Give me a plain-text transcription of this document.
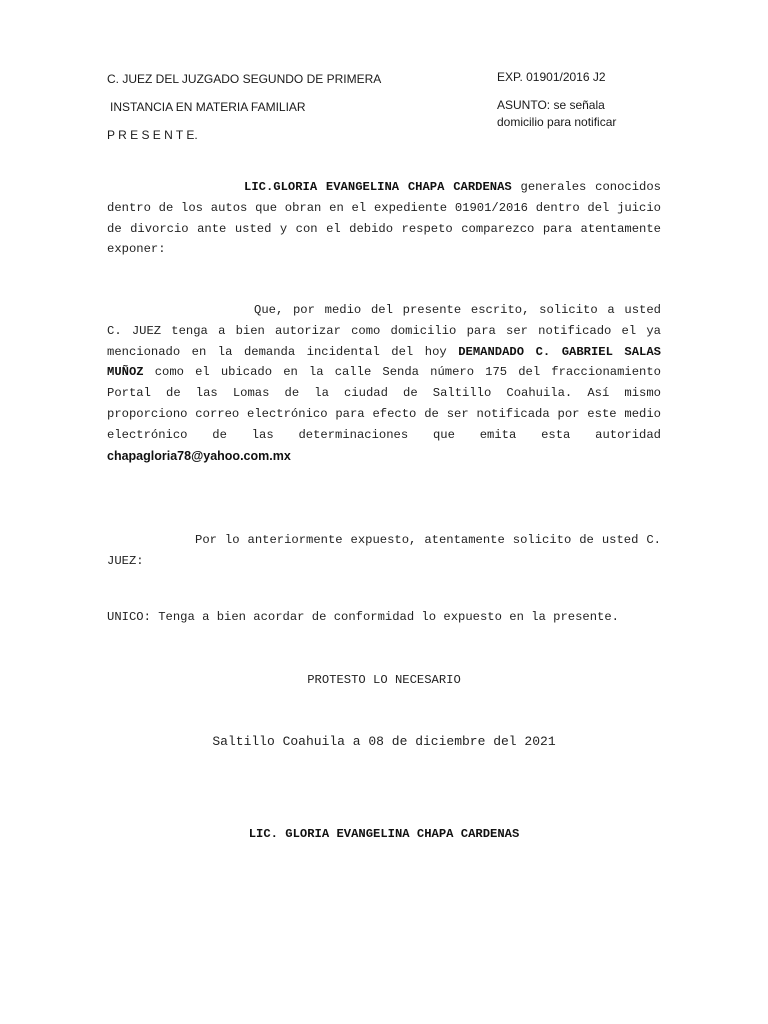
C. JUEZ DEL JUZGADO SEGUNDO DE PRIMERA
INSTANCIA EN MATERIA FAMILIAR
P R E S E N T E.
EXP. 01901/2016 J2
ASUNTO: se señala
domicilio para notificar
LIC.GLORIA EVANGELINA CHAPA CARDENAS generales conocidos dentro de los autos que obran en el expediente 01901/2016 dentro del juicio de divorcio ante usted y con el debido respeto comparezco para atentamente exponer:
Que, por medio del presente escrito, solicito a usted C. JUEZ tenga a bien autorizar como domicilio para ser notificado el ya mencionado en la demanda incidental del hoy DEMANDADO C. GABRIEL SALAS MUÑOZ como el ubicado en la calle Senda número 175 del fraccionamiento Portal de las Lomas de la ciudad de Saltillo Coahuila. Así mismo proporciono correo electrónico para efecto de ser notificada por este medio electrónico de las determinaciones que emita esta autoridad chapagloria78@yahoo.com.mx
Por lo anteriormente expuesto, atentamente solicito de usted C. JUEZ:
UNICO: Tenga a bien acordar de conformidad lo expuesto en la presente.
PROTESTO LO NECESARIO
Saltillo Coahuila a 08 de diciembre del 2021
LIC. GLORIA EVANGELINA CHAPA CARDENAS
